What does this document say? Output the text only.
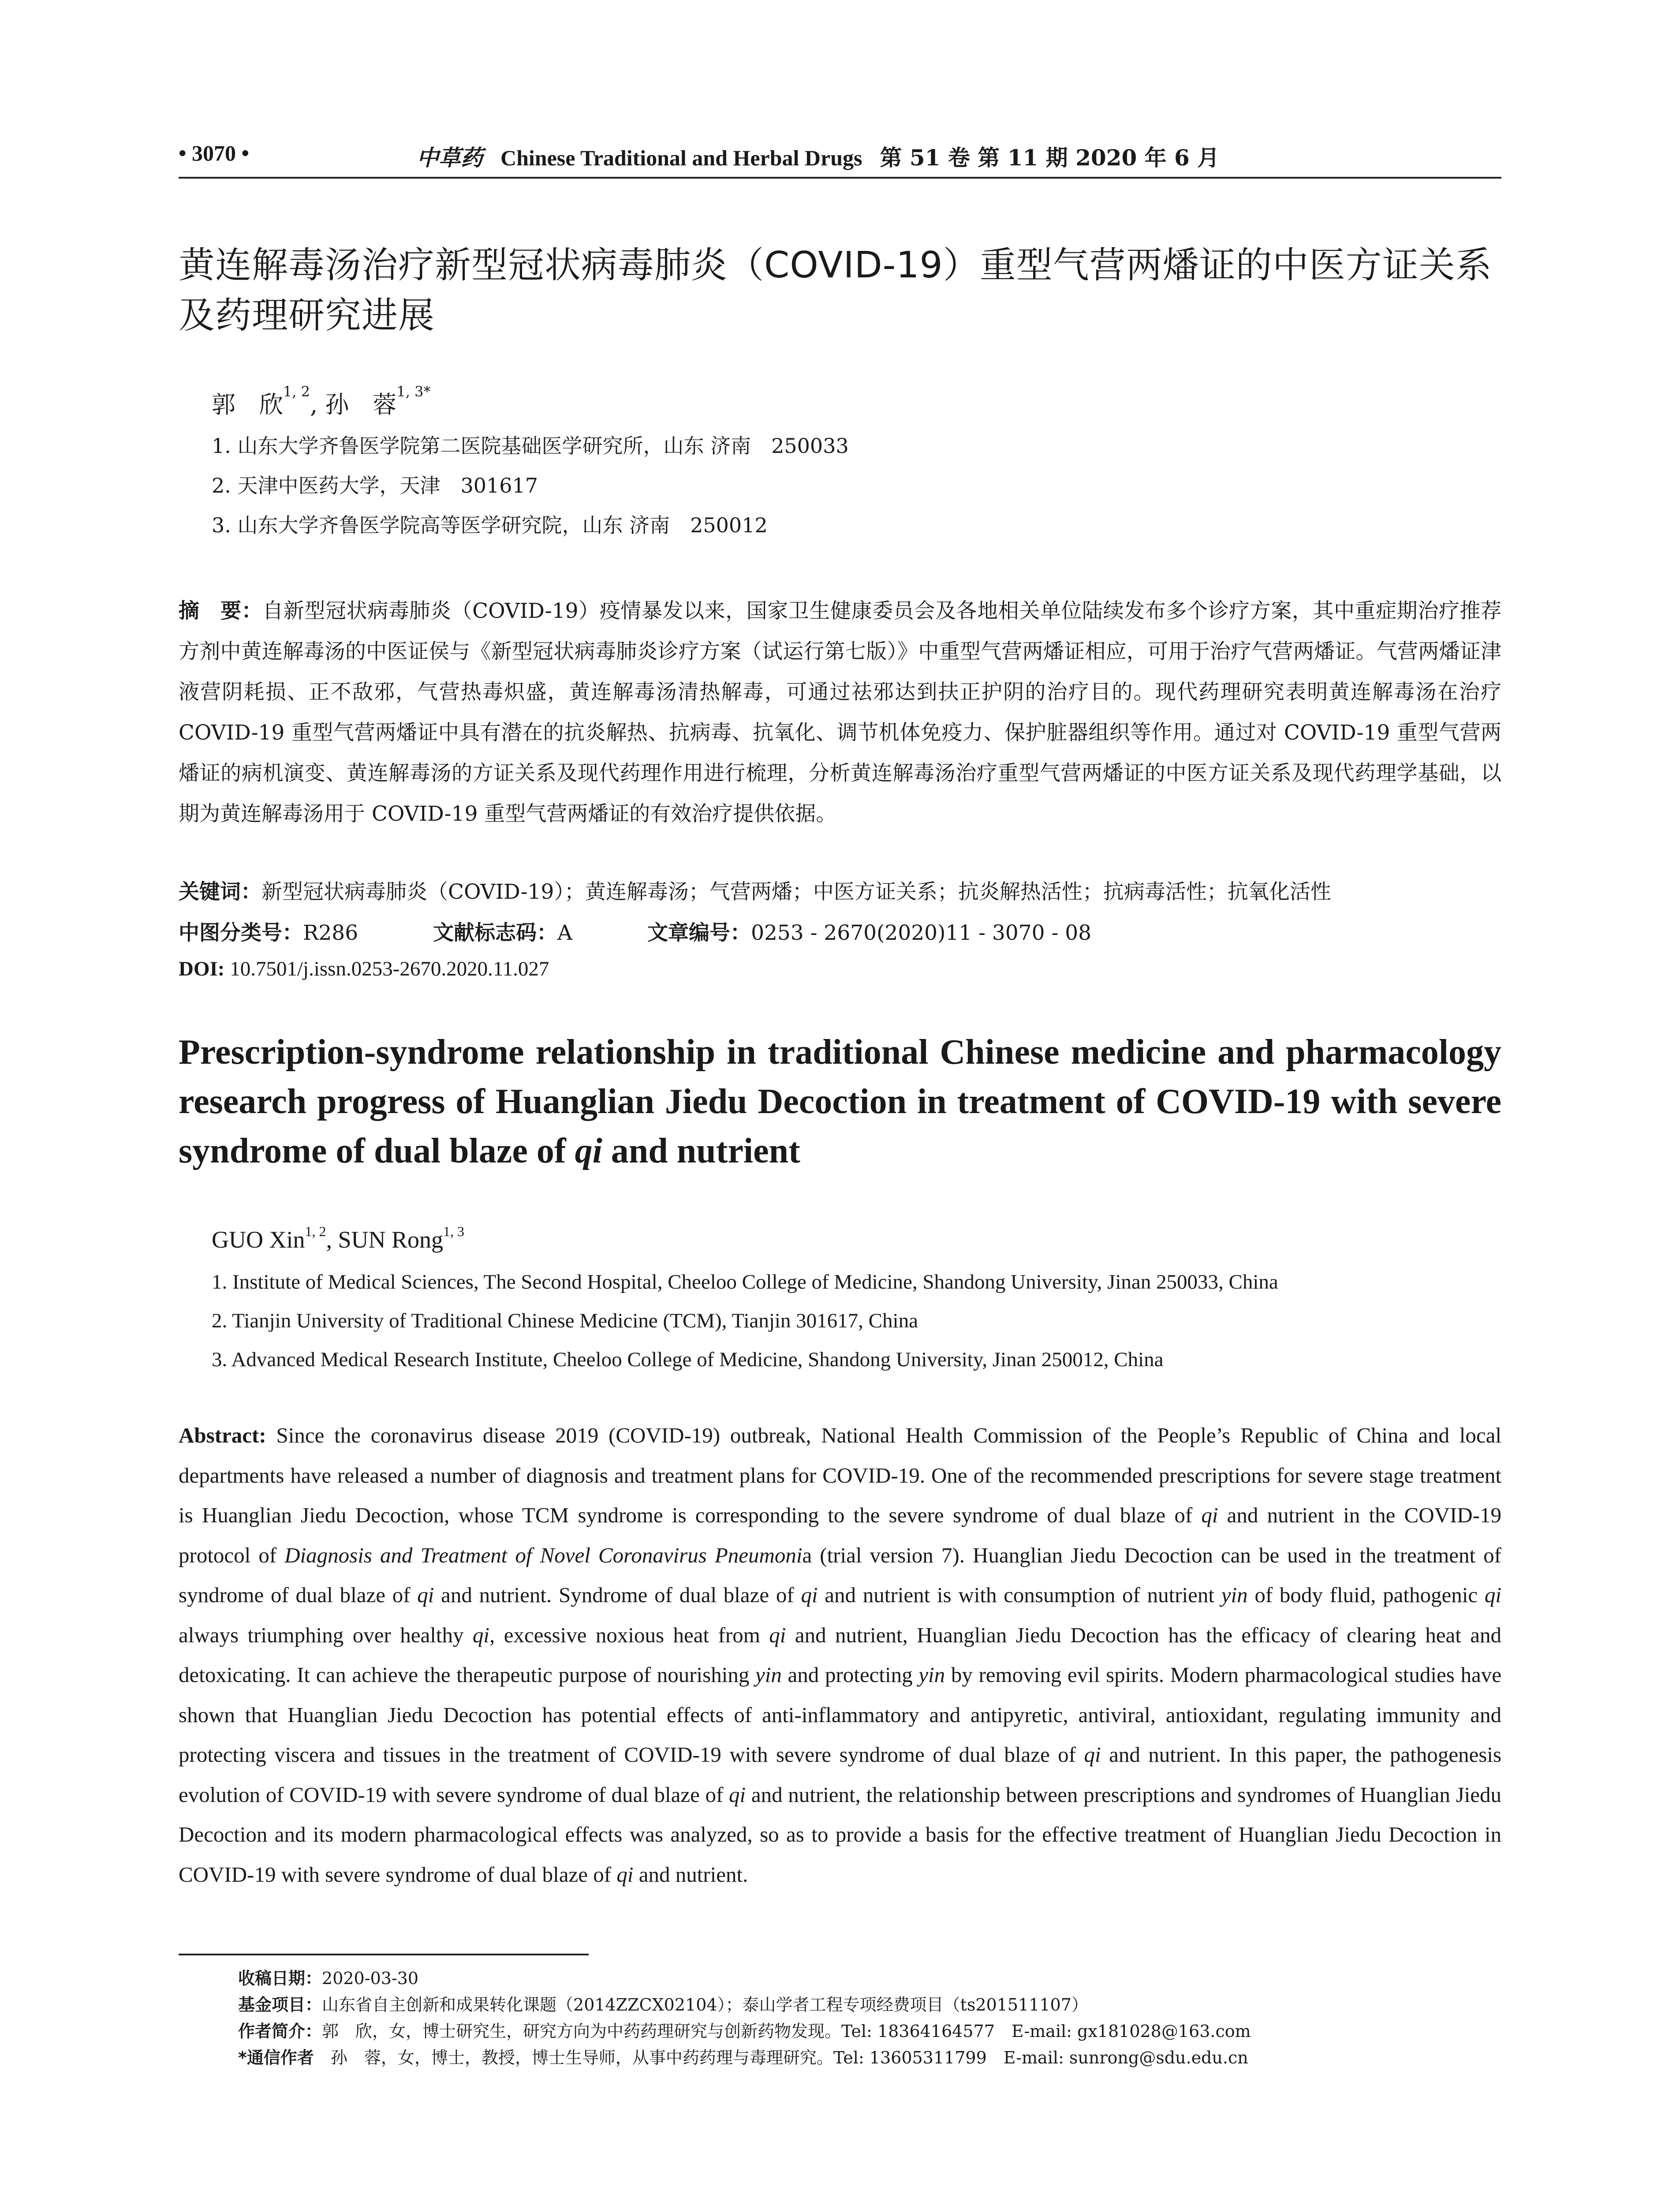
• 3070 •	中草药 Chinese Traditional and Herbal Drugs 第 51 卷 第 11 期 2020 年 6 月
黄连解毒汤治疗新型冠状病毒肺炎（COVID-19）重型气营两燔证的中医方证关系及药理研究进展
郭　欣$^{1, 2}$, 孙　蓉$^{1, 3*}$
1. 山东大学齐鲁医学院第二医院基础医学研究所，山东 济南　250033
2. 天津中医药大学，天津　301617
3. 山东大学齐鲁医学院高等医学研究院，山东 济南　250012
摘　要：自新型冠状病毒肺炎（COVID-19）疫情暴发以来，国家卫生健康委员会及各地相关单位陆续发布多个诊疗方案，其中重症期治疗推荐方剂中黄连解毒汤的中医证侯与《新型冠状病毒肺炎诊疗方案（试运行第七版）》中重型气营两燔证相应，可用于治疗气营两燔证。气营两燔证津液营阴耗损、正不敌邪，气营热毒炽盛，黄连解毒汤清热解毒，可通过祛邪达到扶正护阴的治疗目的。现代药理研究表明黄连解毒汤在治疗 COVID-19 重型气营两燔证中具有潜在的抗炎解热、抗病毒、抗氧化、调节机体免疫力、保护脏器组织等作用。通过对 COVID-19 重型气营两燔证的病机演变、黄连解毒汤的方证关系及现代药理作用进行梳理，分析黄连解毒汤治疗重型气营两燔证的中医方证关系及现代药理学基础，以期为黄连解毒汤用于 COVID-19 重型气营两燔证的有效治疗提供依据。
关键词：新型冠状病毒肺炎（COVID-19）；黄连解毒汤；气营两燔；中医方证关系；抗炎解热活性；抗病毒活性；抗氧化活性
中图分类号：R286	文献标志码：A	文章编号：0253 - 2670(2020)11 - 3070 - 08
DOI: 10.7501/j.issn.0253-2670.2020.11.027
Prescription-syndrome relationship in traditional Chinese medicine and pharmacology research progress of Huanglian Jiedu Decoction in treatment of COVID-19 with severe syndrome of dual blaze of qi and nutrient
GUO Xin$^{1, 2}$, SUN Rong$^{1, 3}$
1. Institute of Medical Sciences, The Second Hospital, Cheeloo College of Medicine, Shandong University, Jinan 250033, China
2. Tianjin University of Traditional Chinese Medicine (TCM), Tianjin 301617, China
3. Advanced Medical Research Institute, Cheeloo College of Medicine, Shandong University, Jinan 250012, China
Abstract: Since the coronavirus disease 2019 (COVID-19) outbreak, National Health Commission of the People’s Republic of China and local departments have released a number of diagnosis and treatment plans for COVID-19. One of the recommended prescriptions for severe stage treatment is Huanglian Jiedu Decoction, whose TCM syndrome is corresponding to the severe syndrome of dual blaze of qi and nutrient in the COVID-19 protocol of Diagnosis and Treatment of Novel Coronavirus Pneumonia (trial version 7). Huanglian Jiedu Decoction can be used in the treatment of syndrome of dual blaze of qi and nutrient. Syndrome of dual blaze of qi and nutrient is with consumption of nutrient yin of body fluid, pathogenic qi always triumphing over healthy qi, excessive noxious heat from qi and nutrient, Huanglian Jiedu Decoction has the efficacy of clearing heat and detoxicating. It can achieve the therapeutic purpose of nourishing yin and protecting yin by removing evil spirits. Modern pharmacological studies have shown that Huanglian Jiedu Decoction has potential effects of anti-inflammatory and antipyretic, antiviral, antioxidant, regulating immunity and protecting viscera and tissues in the treatment of COVID-19 with severe syndrome of dual blaze of qi and nutrient. In this paper, the pathogenesis evolution of COVID-19 with severe syndrome of dual blaze of qi and nutrient, the relationship between prescriptions and syndromes of Huanglian Jiedu Decoction and its modern pharmacological effects was analyzed, so as to provide a basis for the effective treatment of Huanglian Jiedu Decoction in COVID-19 with severe syndrome of dual blaze of qi and nutrient.
收稿日期：2020-03-30
基金项目：山东省自主创新和成果转化课题（2014ZZCX02104）；泰山学者工程专项经费项目（ts201511107）
作者简介：郭　欣，女，博士研究生，研究方向为中药药理研究与创新药物发现。Tel: 18364164577　E-mail: gx181028@163.com
*通信作者　孙　蓉，女，博士，教授，博士生导师，从事中药药理与毒理研究。Tel: 13605311799　E-mail: sunrong@sdu.edu.cn
